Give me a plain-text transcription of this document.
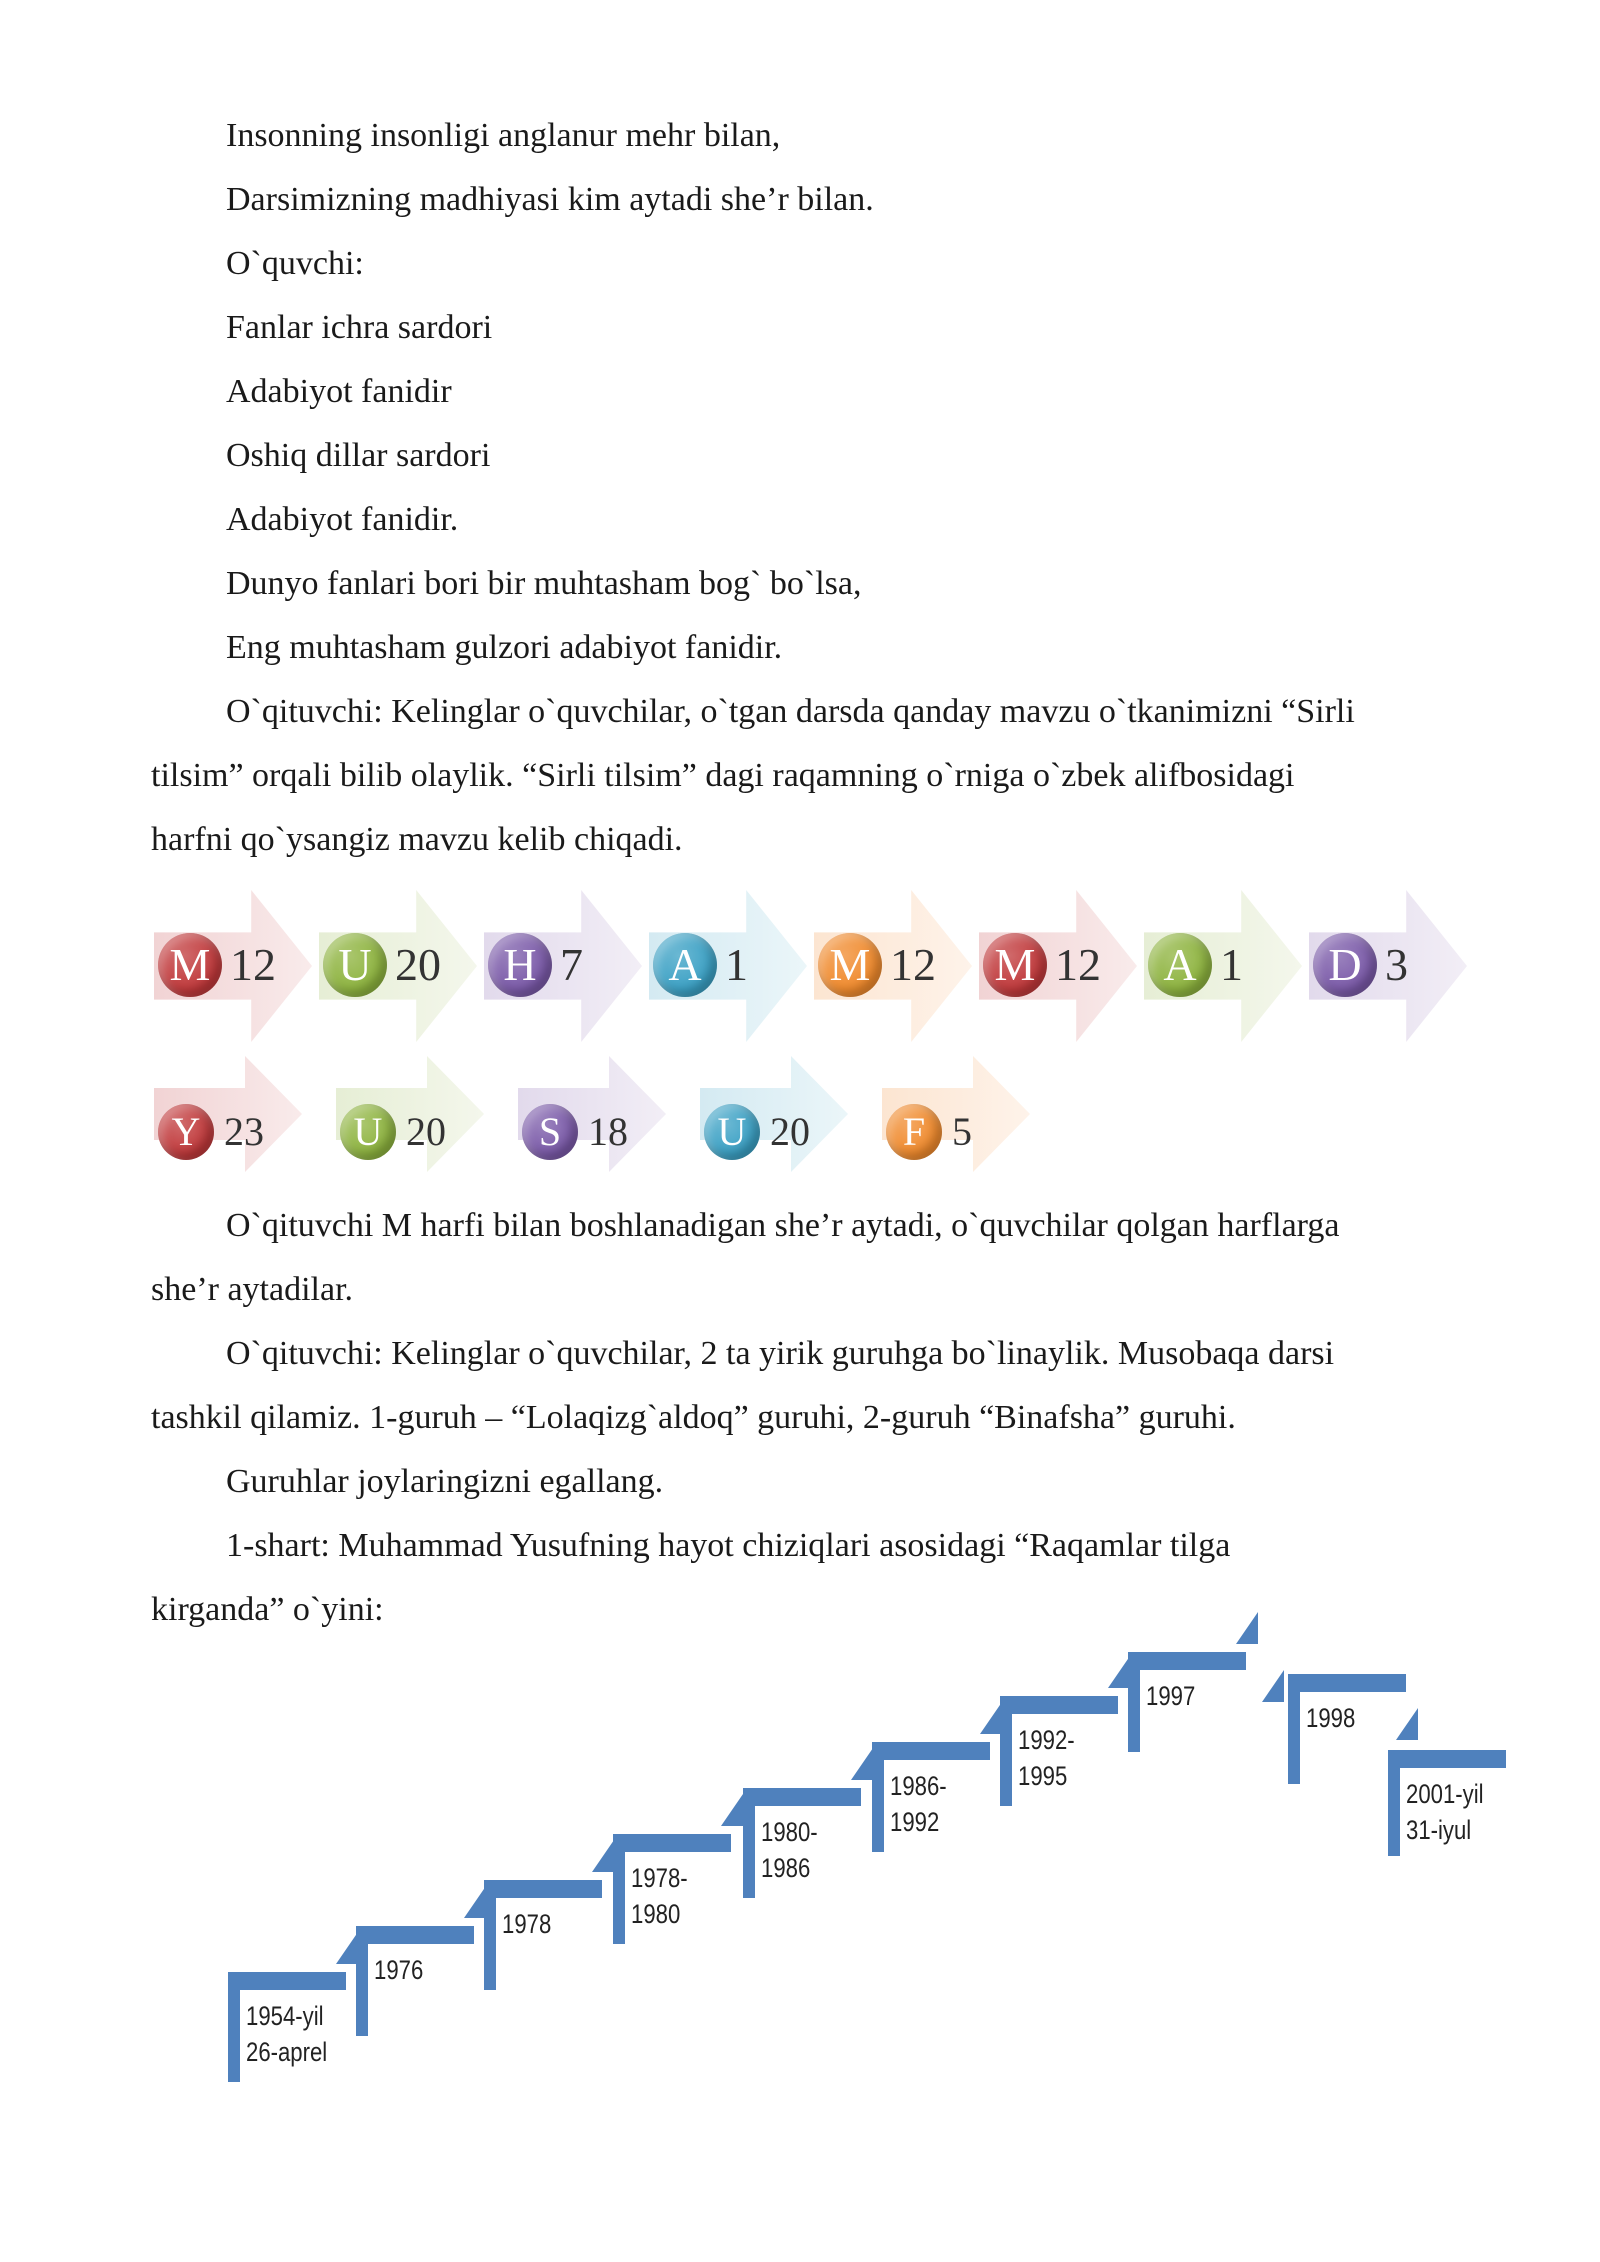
Insonning insonligi anglanur mehr bilan,
Darsimizning madhiyasi kim aytadi she’r bilan.
O`quvchi:
Fanlar ichra sardori
Adabiyot fanidir
Oshiq dillar sardori
Adabiyot fanidir.
Dunyo fanlari bori bir muhtasham bog` bo`lsa,
Eng muhtasham gulzori adabiyot fanidir.
O`qituvchi: Kelinglar o`quvchilar, o`tgan darsda qanday mavzu o`tkanimizni “Sirli
tilsim” orqali bilib olaylik. “Sirli tilsim” dagi raqamning o`rniga o`zbek alifbosidagi
harfni qo`ysangiz mavzu kelib chiqadi.
M 12	U 20	H 7	A 1 M 12 M 12	A 1	D 3
Y 23	U 20	S 18	U 20	F 5
O`qituvchi M harfi bilan boshlanadigan she’r aytadi, o`quvchilar qolgan harflarga
she’r aytadilar.
O`qituvchi: Kelinglar o`quvchilar, 2 ta yirik guruhga bo`linaylik. Musobaqa darsi
tashkil qilamiz. 1-guruh – “Lolaqizg`aldoq” guruhi, 2-guruh “Binafsha” guruhi.
Guruhlar joylaringizni egallang.
1-shart: Muhammad Yusufning hayot chiziqlari asosidagi “Raqamlar tilga
kirganda” o`yini:
1954-yil
26-aprel
1976
1978
1978-
1980
1980-
1986
1986-
1992
1992-
1995
1997
1998
2001-yil
31-iyul
